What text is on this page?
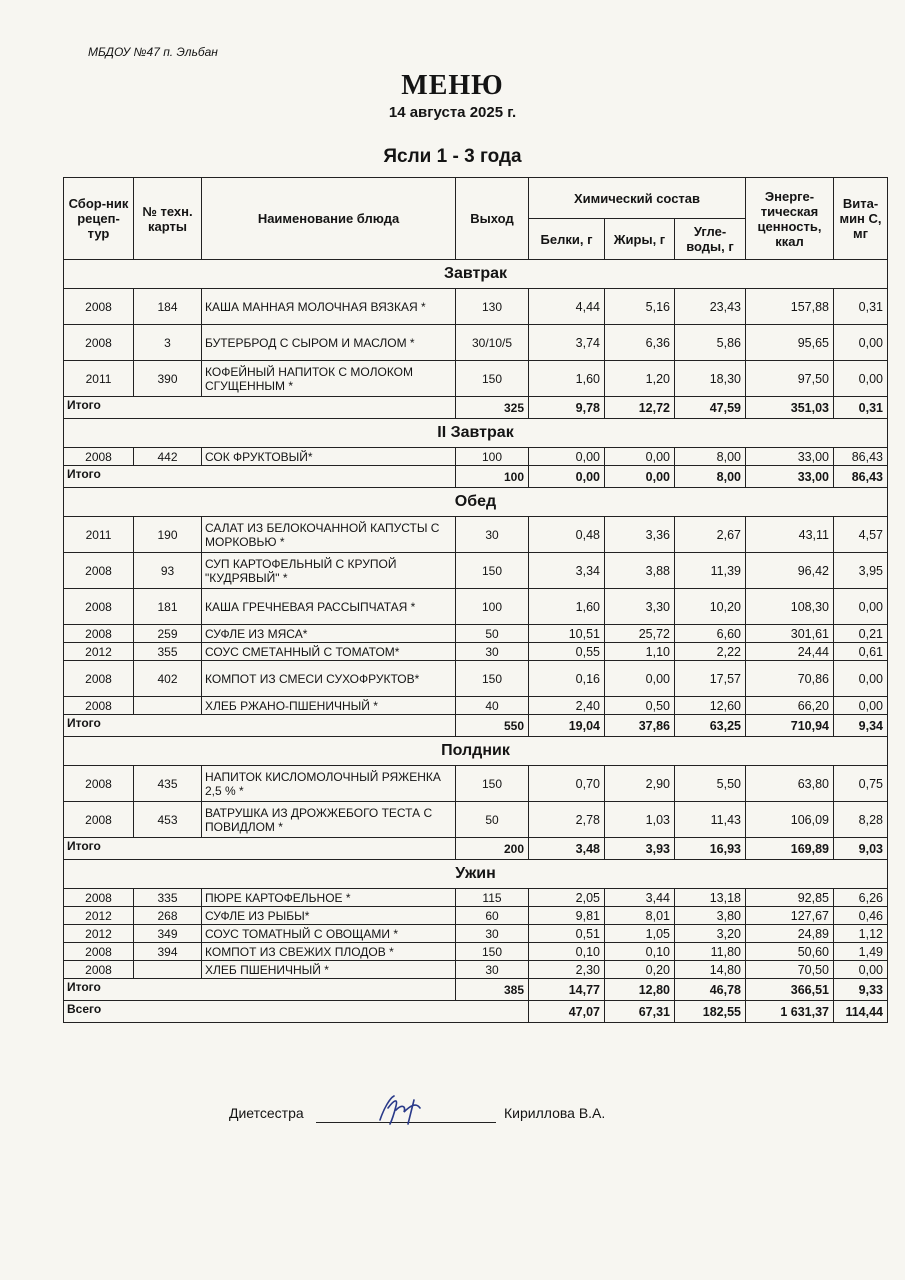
МБДОУ №47 п. Эльбан
МЕНЮ
14 августа 2025 г.
Ясли 1 - 3 года
Сбор-ник рецеп-тур	№ техн. карты	Наименование блюда	Выход	Химический состав			Энерге-тическая ценность, ккал	Вита-мин С, мг
				Белки, г	Жиры, г	Угле-воды, г		
Завтрак								
2008	184	КАША МАННАЯ МОЛОЧНАЯ ВЯЗКАЯ *	130	4,44	5,16	23,43	157,88	0,31
2008	3	БУТЕРБРОД С СЫРОМ И МАСЛОМ *	30/10/5	3,74	6,36	5,86	95,65	0,00
2011	390	КОФЕЙНЫЙ НАПИТОК С МОЛОКОМ СГУЩЕННЫМ *	150	1,60	1,20	18,30	97,50	0,00
Итого			325	9,78	12,72	47,59	351,03	0,31
II Завтрак								
2008	442	СОК ФРУКТОВЫЙ*	100	0,00	0,00	8,00	33,00	86,43
Итого			100	0,00	0,00	8,00	33,00	86,43
Обед								
2011	190	САЛАТ ИЗ БЕЛОКОЧАННОЙ КАПУСТЫ С МОРКОВЬЮ *	30	0,48	3,36	2,67	43,11	4,57
2008	93	СУП КАРТОФЕЛЬНЫЙ С КРУПОЙ "КУДРЯВЫЙ" *	150	3,34	3,88	11,39	96,42	3,95
2008	181	КАША ГРЕЧНЕВАЯ РАССЫПЧАТАЯ *	100	1,60	3,30	10,20	108,30	0,00
2008	259	СУФЛЕ ИЗ МЯСА*	50	10,51	25,72	6,60	301,61	0,21
2012	355	СОУС СМЕТАННЫЙ С ТОМАТОМ*	30	0,55	1,10	2,22	24,44	0,61
2008	402	КОМПОТ ИЗ СМЕСИ СУХОФРУКТОВ*	150	0,16	0,00	17,57	70,86	0,00
2008		ХЛЕБ РЖАНО-ПШЕНИЧНЫЙ *	40	2,40	0,50	12,60	66,20	0,00
Итого			550	19,04	37,86	63,25	710,94	9,34
Полдник								
2008	435	НАПИТОК КИСЛОМОЛОЧНЫЙ РЯЖЕНКА 2,5 % *	150	0,70	2,90	5,50	63,80	0,75
2008	453	ВАТРУШКА ИЗ ДРОЖЖЕБОГО ТЕСТА С ПОВИДЛОМ *	50	2,78	1,03	11,43	106,09	8,28
Итого			200	3,48	3,93	16,93	169,89	9,03
Ужин								
2008	335	ПЮРЕ КАРТОФЕЛЬНОЕ *	115	2,05	3,44	13,18	92,85	6,26
2012	268	СУФЛЕ ИЗ РЫБЫ*	60	9,81	8,01	3,80	127,67	0,46
2012	349	СОУС ТОМАТНЫЙ С ОВОЩАМИ *	30	0,51	1,05	3,20	24,89	1,12
2008	394	КОМПОТ ИЗ СВЕЖИХ ПЛОДОВ *	150	0,10	0,10	11,80	50,60	1,49
2008		ХЛЕБ ПШЕНИЧНЫЙ *	30	2,30	0,20	14,80	70,50	0,00
Итого			385	14,77	12,80	46,78	366,51	9,33
Всего				47,07	67,31	182,55	1 631,37	114,44
Диетсестра	Кириллова В.А.
